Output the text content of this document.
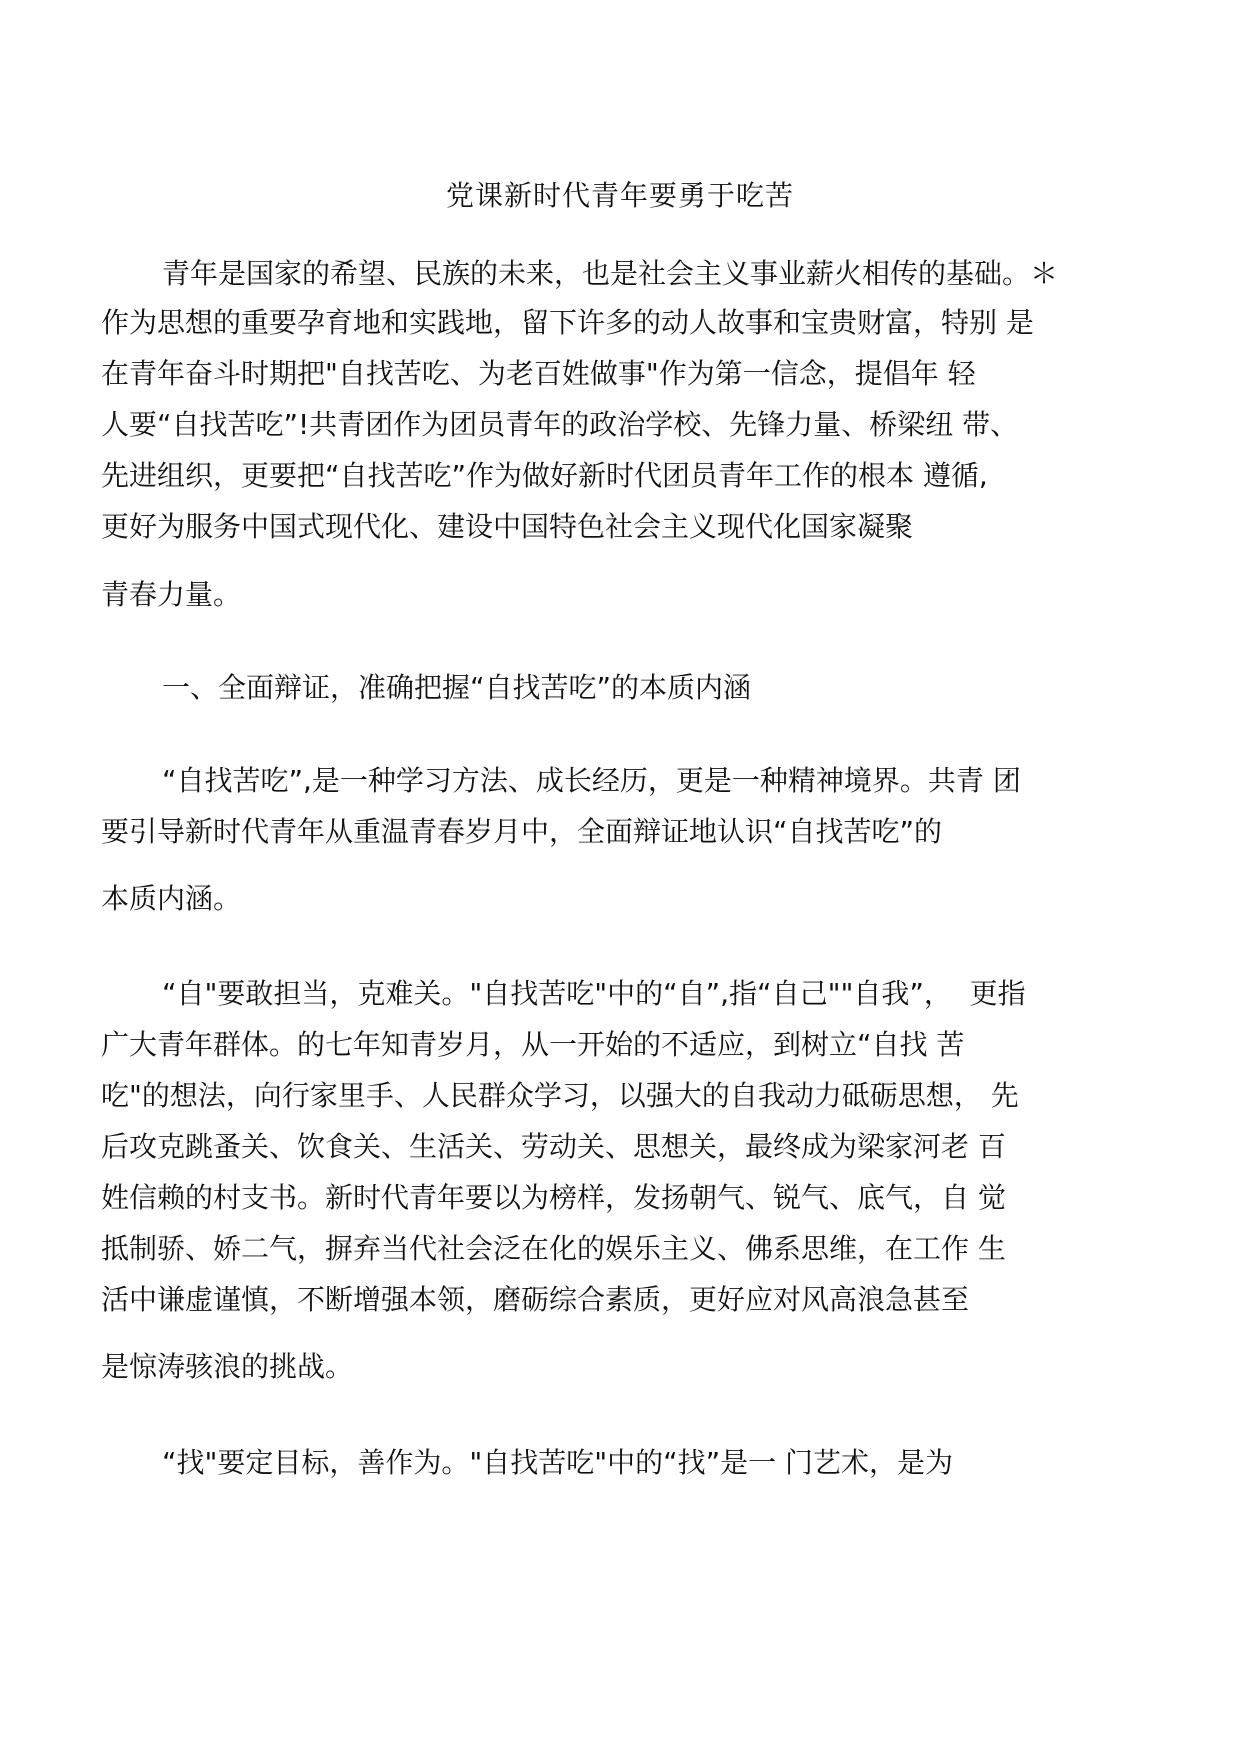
党课新时代青年要勇于吃苦

青年是国家的希望、民族的未来，也是社会主义事业薪火相传的基础。＊

作为思想的重要孕育地和实践地，留下许多的动人故事和宝贵财富，特别 是

在青年奋斗时期把"自找苦吃、为老百姓做事"作为第一信念，提倡年 轻

人要“自找苦吃”!共青团作为团员青年的政治学校、先锋力量、桥梁纽 带、

先进组织，更要把“自找苦吃”作为做好新时代团员青年工作的根本 遵循,

更好为服务中国式现代化、建设中国特色社会主义现代化国家凝聚

青春力量。

一、全面辩证，准确把握“自找苦吃”的本质内涵

“自找苦吃”,是一种学习方法、成长经历，更是一种精神境界。共青 团

要引导新时代青年从重温青春岁月中，全面辩证地认识“自找苦吃”的

本质内涵。

“自"要敢担当，克难关。"自找苦吃"中的“自”,指“自己""自我”，  更指

广大青年群体。的七年知青岁月，从一开始的不适应，到树立“自找 苦

吃"的想法，向行家里手、人民群众学习，以强大的自我动力砥砺思想， 先

后攻克跳蚤关、饮食关、生活关、劳动关、思想关，最终成为梁家河老 百

姓信赖的村支书。新时代青年要以为榜样，发扬朝气、锐气、底气，自 觉

抵制骄、娇二气，摒弃当代社会泛在化的娱乐主义、佛系思维，在工作 生

活中谦虚谨慎，不断增强本领，磨砺综合素质，更好应对风高浪急甚至

是惊涛骇浪的挑战。

“找"要定目标，善作为。"自找苦吃"中的“找”是一 门艺术，是为
